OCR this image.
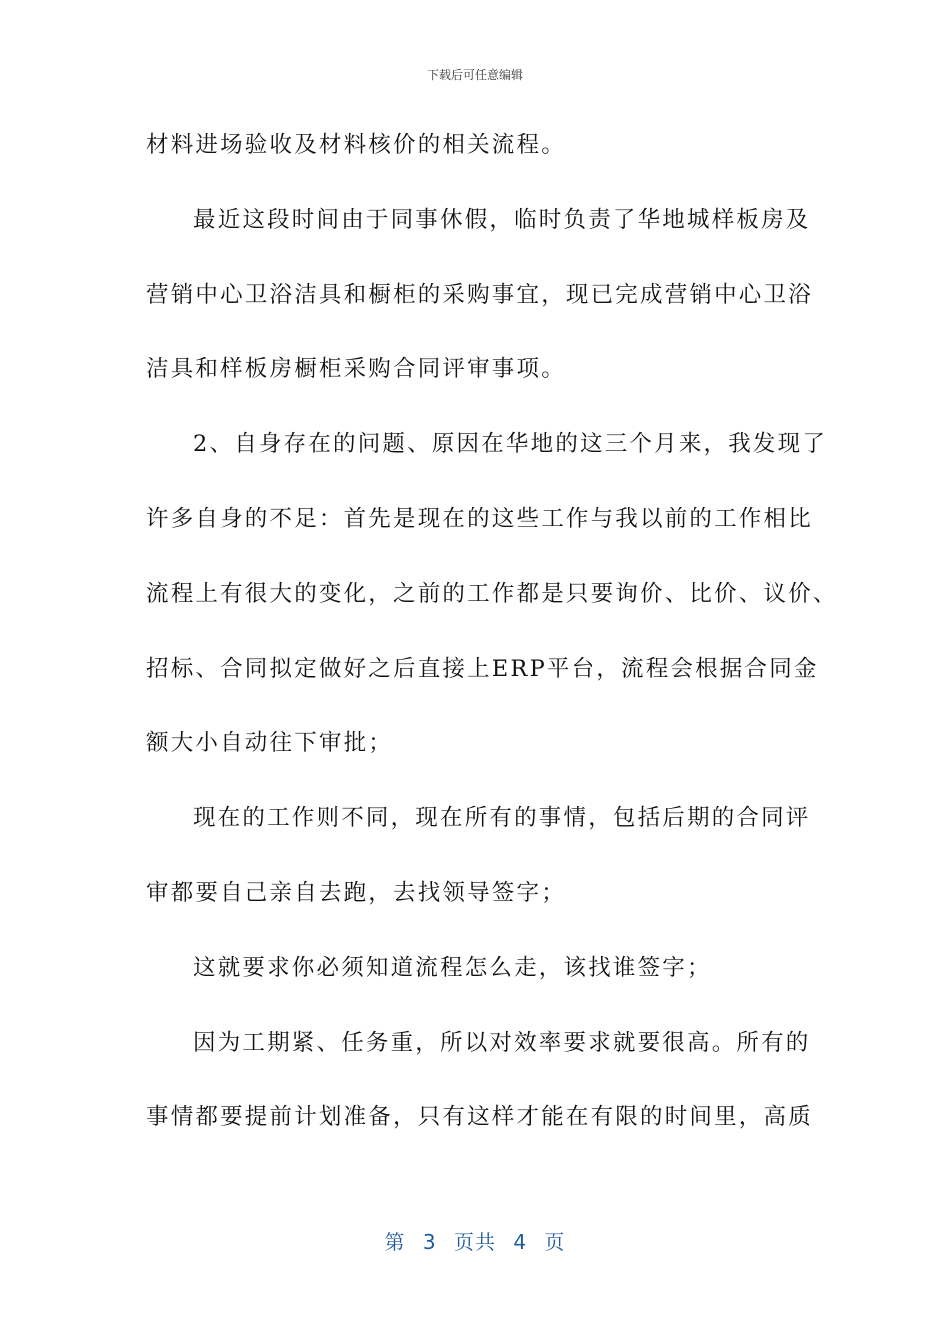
下载后可任意编辑
材料进场验收及材料核价的相关流程。
最近这段时间由于同事休假，临时负责了华地城样板房及
营销中心卫浴洁具和橱柜的采购事宜，现已完成营销中心卫浴
洁具和样板房橱柜采购合同评审事项。
2、自身存在的问题、原因在华地的这三个月来，我发现了
许多自身的不足：首先是现在的这些工作与我以前的工作相比
流程上有很大的变化，之前的工作都是只要询价、比价、议价、
招标、合同拟定做好之后直接上ERP平台，流程会根据合同金
额大小自动往下审批；
现在的工作则不同，现在所有的事情，包括后期的合同评
审都要自己亲自去跑，去找领导签字；
这就要求你必须知道流程怎么走，该找谁签字；
因为工期紧、任务重，所以对效率要求就要很高。所有的
事情都要提前计划准备，只有这样才能在有限的时间里，高质
第 3 页共 4 页
